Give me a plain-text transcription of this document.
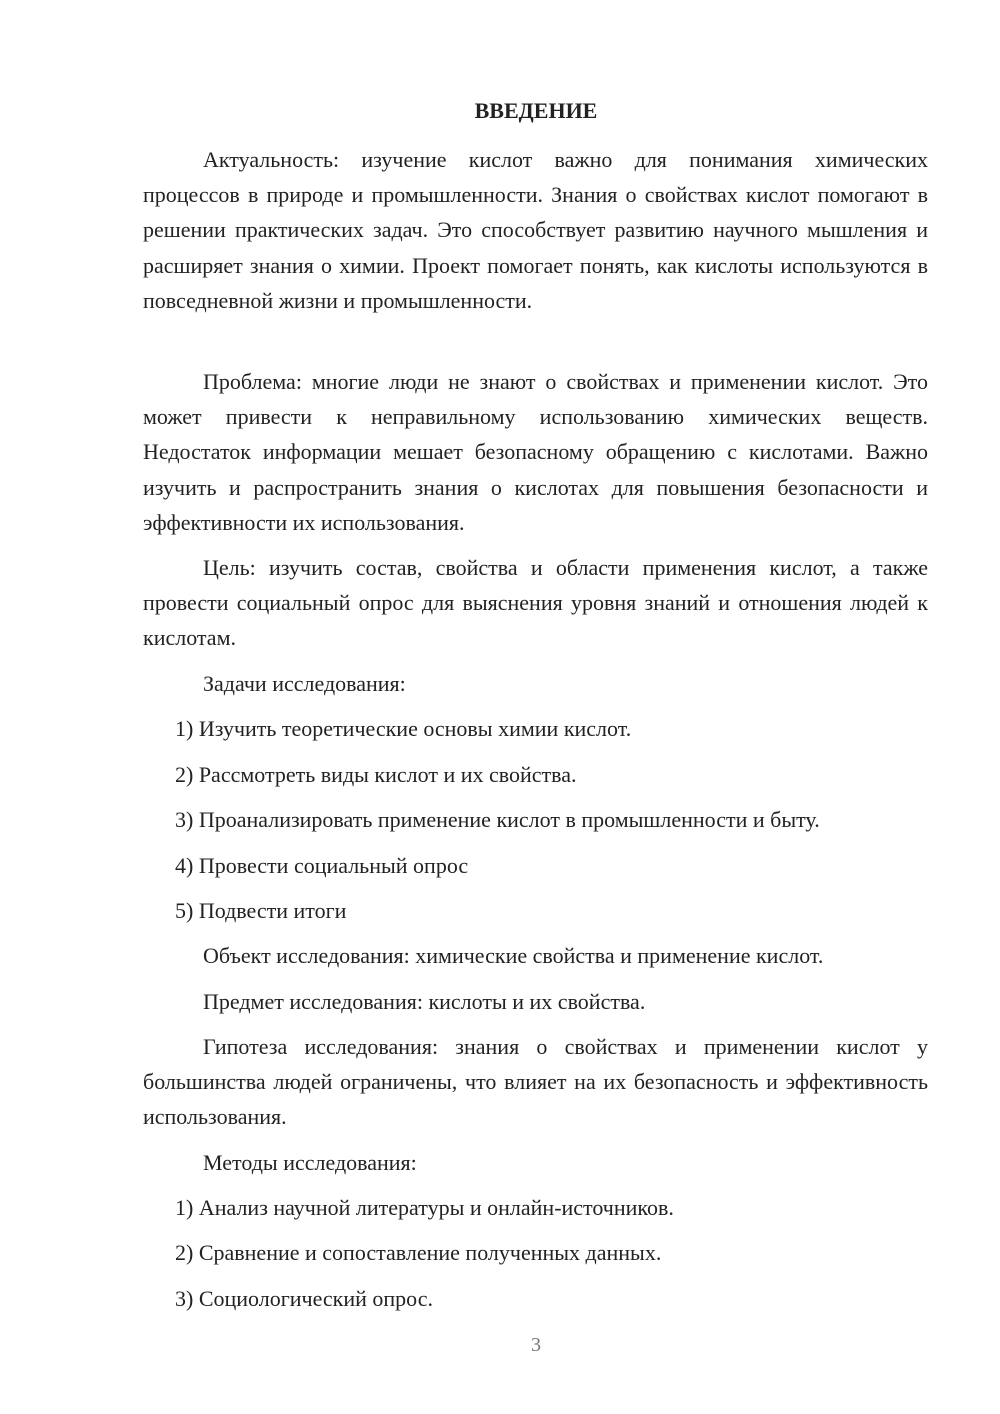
ВВЕДЕНИЕ

Актуальность: изучение кислот важно для понимания химических процессов в природе и промышленности. Знания о свойствах кислот помогают в решении практических задач. Это способствует развитию научного мышления и расширяет знания о химии. Проект помогает понять, как кислоты используются в повседневной жизни и промышленности.

Проблема: многие люди не знают о свойствах и применении кислот. Это может привести к неправильному использованию химических веществ. Недостаток информации мешает безопасному обращению с кислотами. Важно изучить и распространить знания о кислотах для повышения безопасности и эффективности их использования.

Цель: изучить состав, свойства и области применения кислот, а также провести социальный опрос для выяснения уровня знаний и отношения людей к кислотам.

Задачи исследования:

1) Изучить теоретические основы химии кислот.

2) Рассмотреть виды кислот и их свойства.

3) Проанализировать применение кислот в промышленности и быту.

4) Провести социальный опрос

5) Подвести итоги

Объект исследования: химические свойства и применение кислот.

Предмет исследования: кислоты и их свойства.

Гипотеза исследования: знания о свойствах и применении кислот у большинства людей ограничены, что влияет на их безопасность и эффективность использования.

Методы исследования:

1) Анализ научной литературы и онлайн-источников.

2) Сравнение и сопоставление полученных данных.

3) Социологический опрос.

3
